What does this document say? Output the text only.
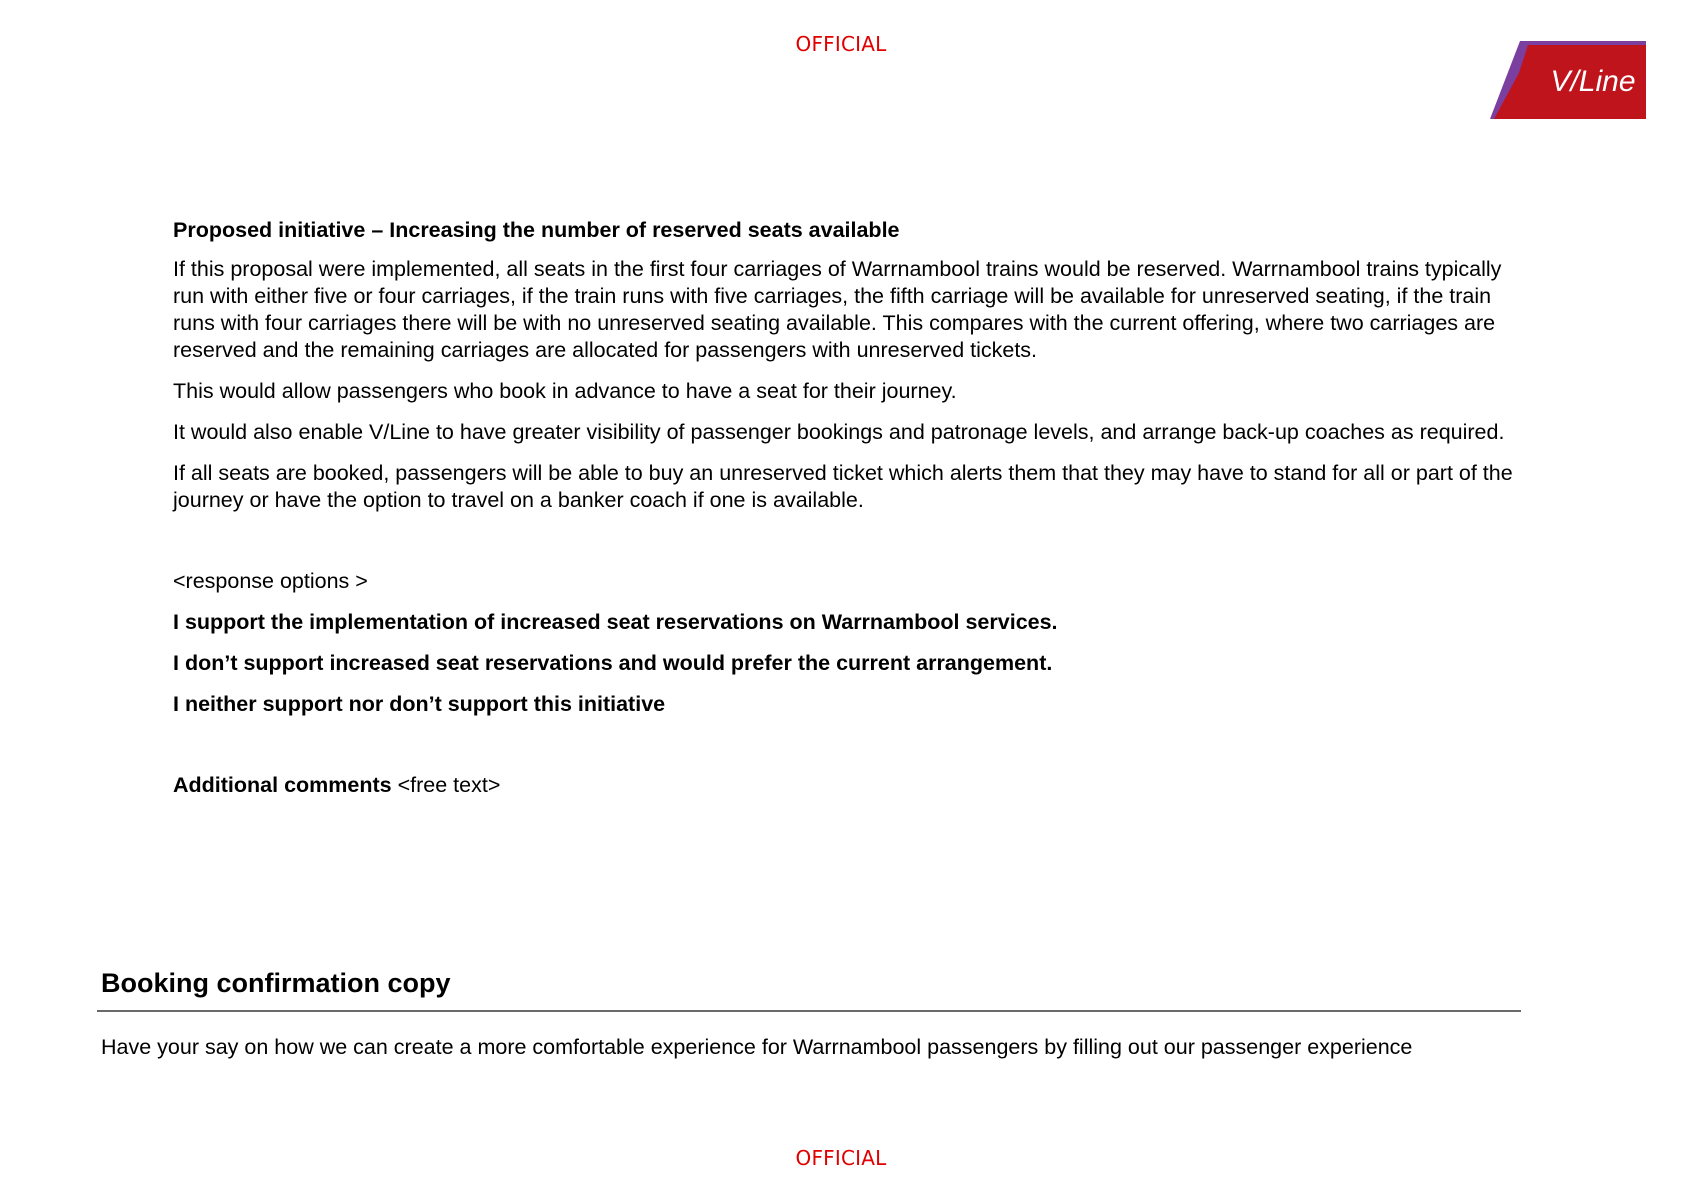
OFFICIAL
V/Line

Proposed initiative – Increasing the number of reserved seats available

If this proposal were implemented, all seats in the first four carriages of Warrnambool trains would be reserved. Warrnambool trains typically run with either five or four carriages, if the train runs with five carriages, the fifth carriage will be available for unreserved seating, if the train runs with four carriages there will be with no unreserved seating available. This compares with the current offering, where two carriages are reserved and the remaining carriages are allocated for passengers with unreserved tickets.

This would allow passengers who book in advance to have a seat for their journey.

It would also enable V/Line to have greater visibility of passenger bookings and patronage levels, and arrange back-up coaches as required.

If all seats are booked, passengers will be able to buy an unreserved ticket which alerts them that they may have to stand for all or part of the journey or have the option to travel on a banker coach if one is available.

<response options >

I support the implementation of increased seat reservations on Warrnambool services.

I don’t support increased seat reservations and would prefer the current arrangement.

I neither support nor don’t support this initiative

Additional comments <free text>

Booking confirmation copy

Have your say on how we can create a more comfortable experience for Warrnambool passengers by filling out our passenger experience

OFFICIAL
